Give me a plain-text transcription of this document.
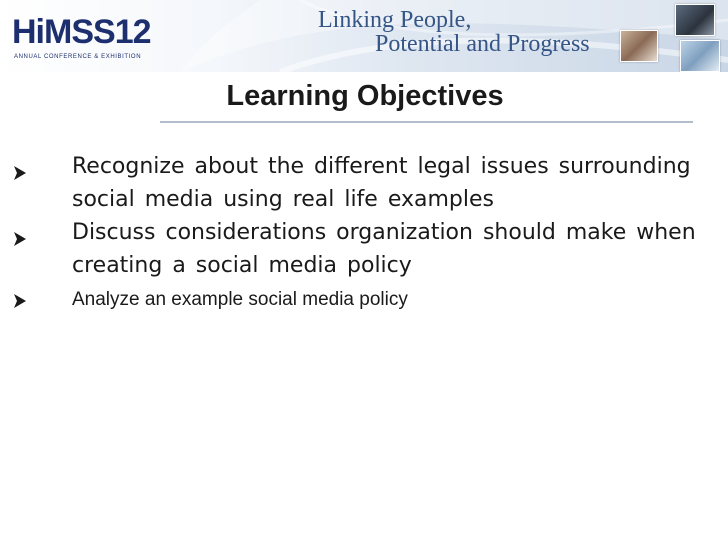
HiMSS12
ANNUAL CONFERENCE & EXHIBITION
Linking People,
Potential and Progress
Learning Objectives
Recognize about the different legal issues surrounding social media using real life examples
Discuss considerations organization should make when creating a social media policy
Analyze an example social media policy
